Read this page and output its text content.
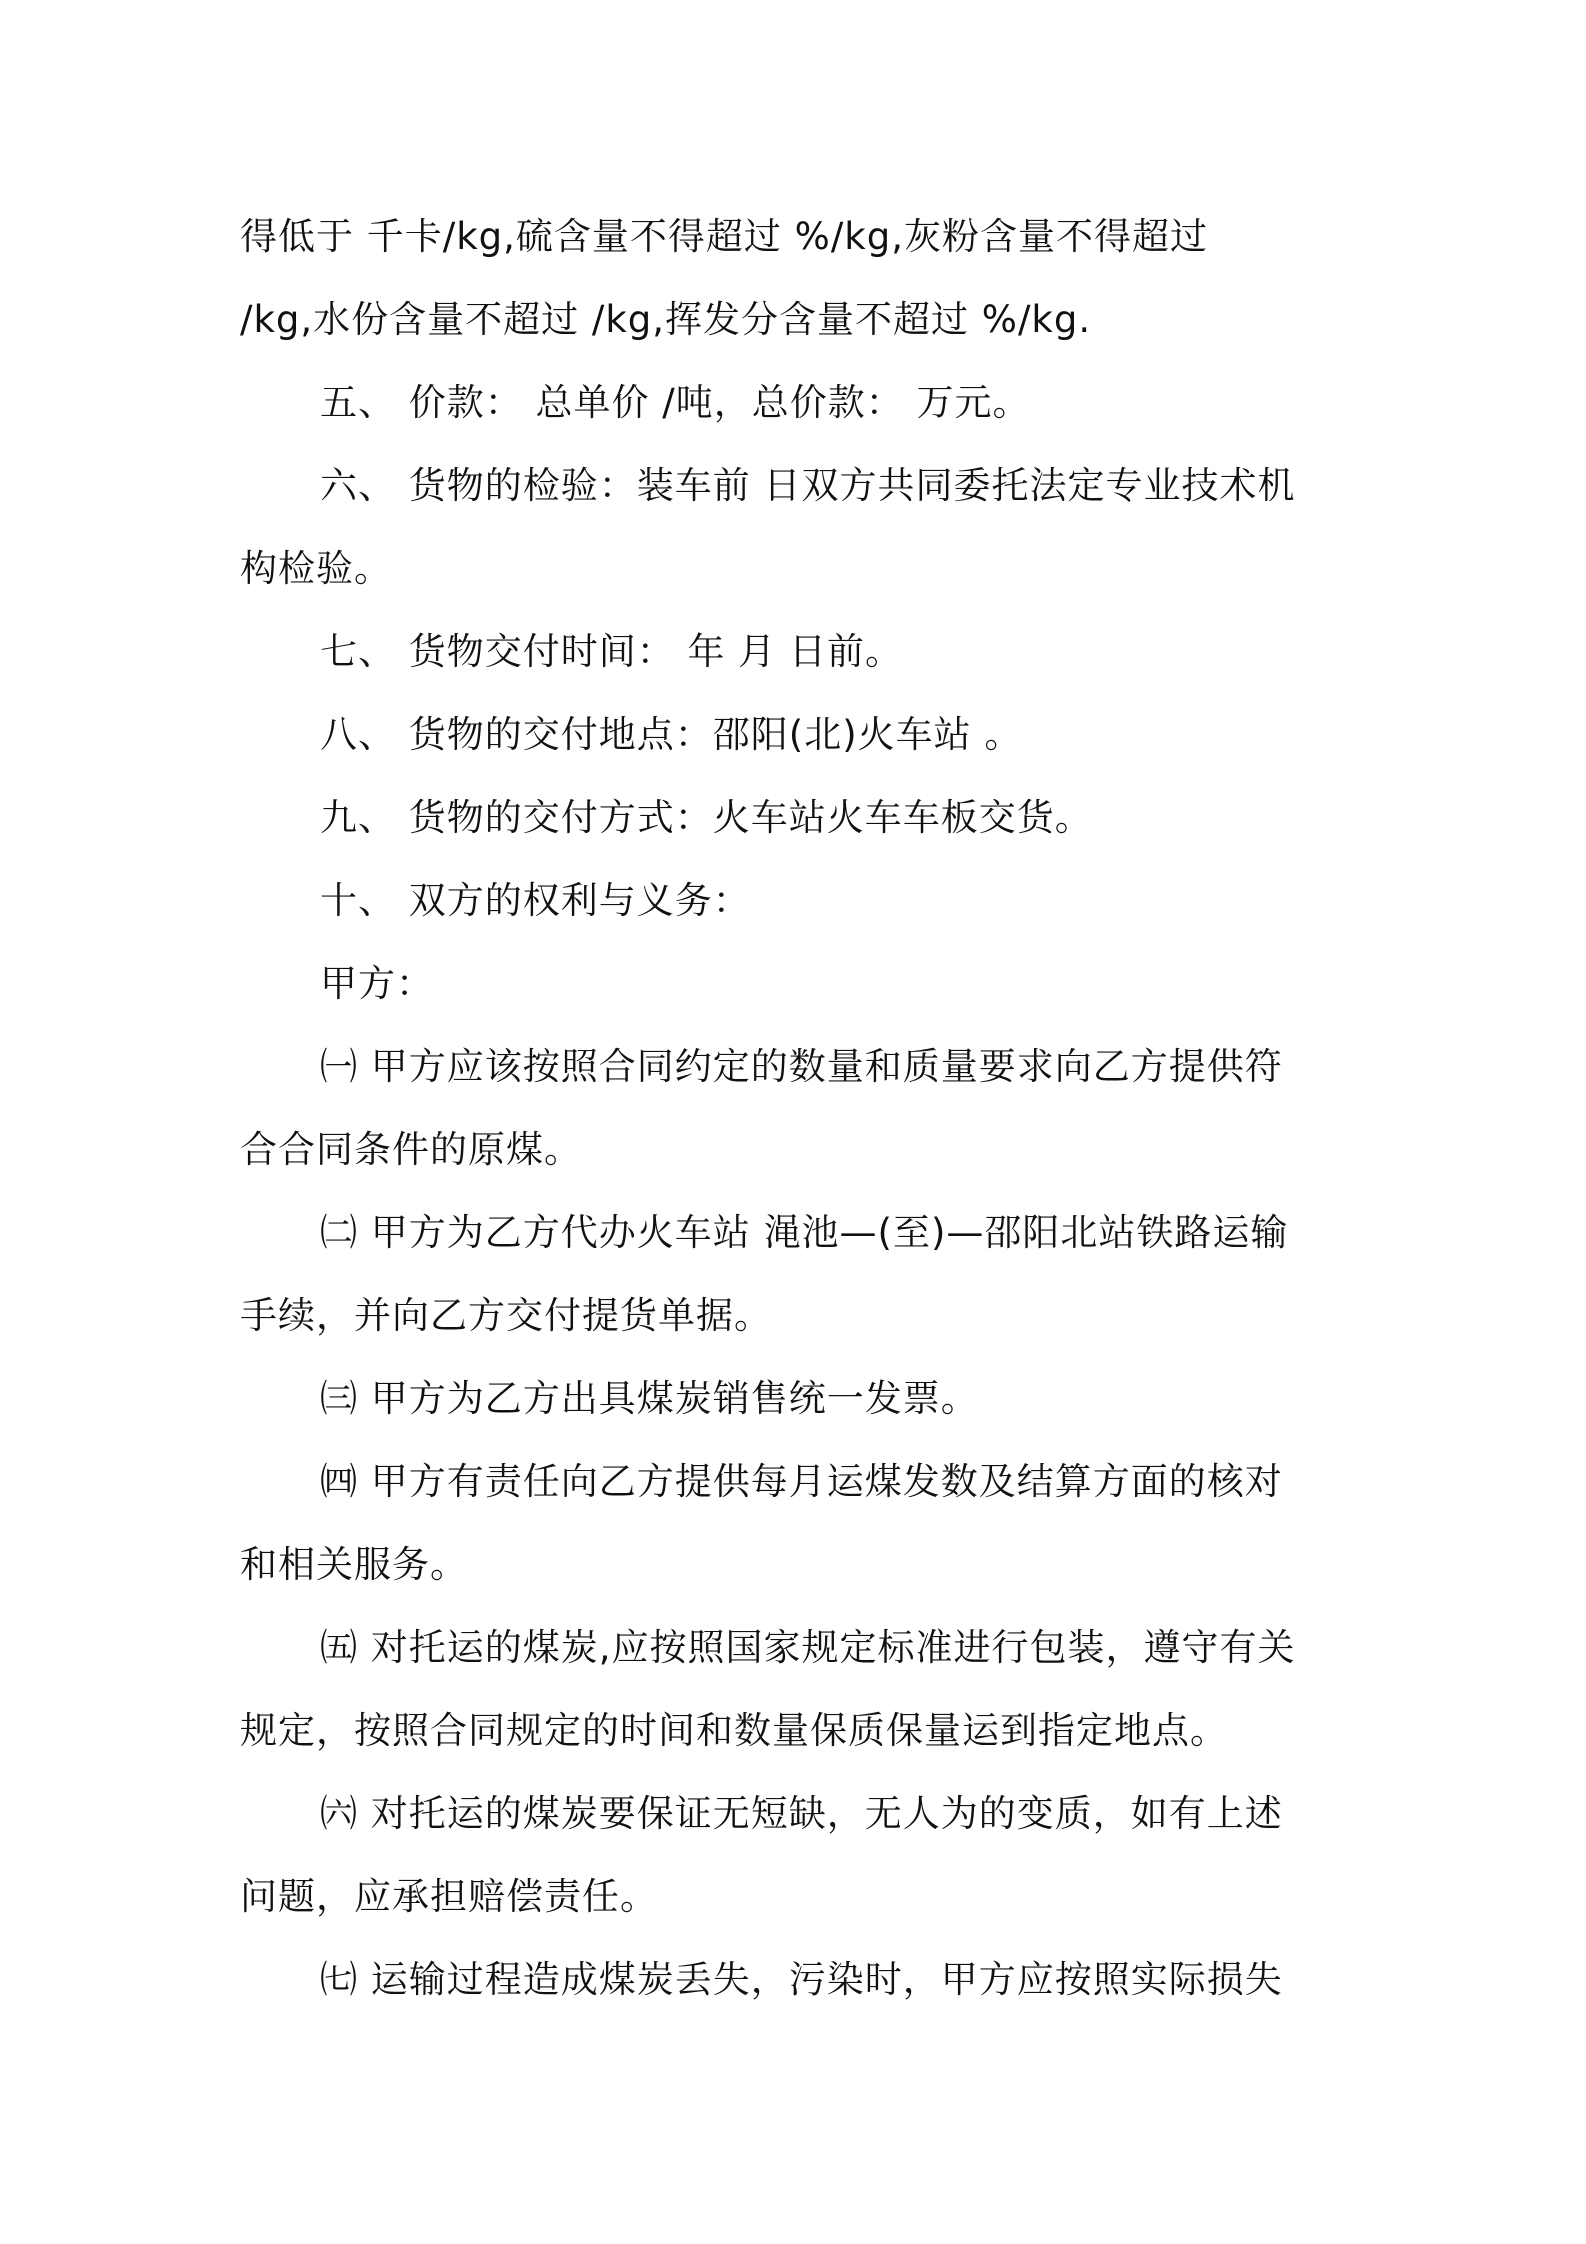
得低于 千卡/kg,硫含量不得超过 %/kg,灰粉含量不得超过
/kg,水份含量不超过 /kg,挥发分含量不超过 %/kg.
五、 价款： 总单价 /吨，总价款： 万元。
六、 货物的检验：装车前 日双方共同委托法定专业技术机
构检验。
七、 货物交付时间： 年 月 日前。
八、 货物的交付地点：邵阳(北)火车站 。
九、 货物的交付方式：火车站火车车板交货。
十、 双方的权利与义务：
甲方：
㈠ 甲方应该按照合同约定的数量和质量要求向乙方提供符
合合同条件的原煤。
㈡ 甲方为乙方代办火车站 渑池—(至)—邵阳北站铁路运输
手续，并向乙方交付提货单据。
㈢ 甲方为乙方出具煤炭销售统一发票。
㈣ 甲方有责任向乙方提供每月运煤发数及结算方面的核对
和相关服务。
㈤ 对托运的煤炭,应按照国家规定标准进行包装，遵守有关
规定，按照合同规定的时间和数量保质保量运到指定地点。
㈥ 对托运的煤炭要保证无短缺，无人为的变质，如有上述
问题，应承担赔偿责任。
㈦ 运输过程造成煤炭丢失，污染时，甲方应按照实际损失
